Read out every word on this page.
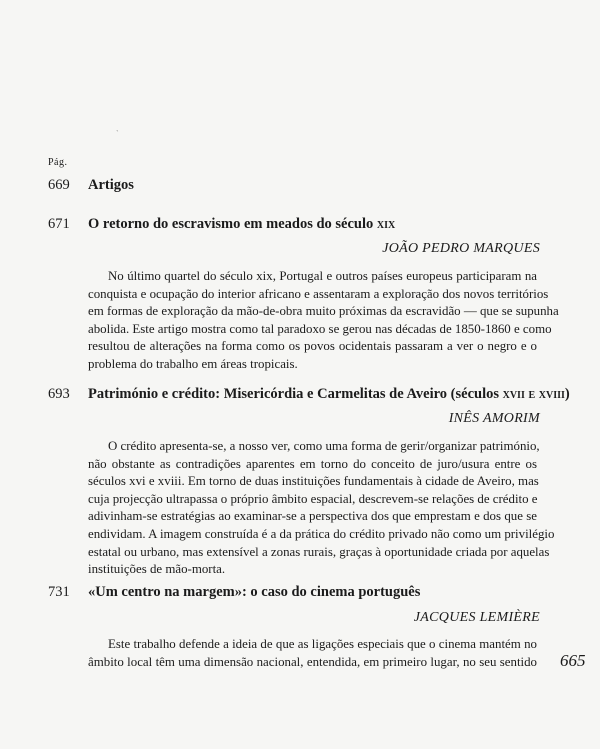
`
Pág.
669 Artigos
671 O retorno do escravismo em meados do século xix
JOÃO PEDRO MARQUES
No último quartel do século xix, Portugal e outros países europeus participaram na
conquista e ocupação do interior africano e assentaram a exploração dos novos territórios
em formas de exploração da mão-de-obra muito próximas da escravidão — que se supunha
abolida. Este artigo mostra como tal paradoxo se gerou nas décadas de 1850-1860 e como
resultou de alterações na forma como os povos ocidentais passaram a ver o negro e o
problema do trabalho em áreas tropicais.
693 Património e crédito: Misericórdia e Carmelitas de Aveiro (séculos xvii e xviii)
INÊS AMORIM
O crédito apresenta-se, a nosso ver, como uma forma de gerir/organizar património,
não obstante as contradições aparentes em torno do conceito de juro/usura entre os
séculos xvi e xviii. Em torno de duas instituições fundamentais à cidade de Aveiro, mas
cuja projecção ultrapassa o próprio âmbito espacial, descrevem-se relações de crédito e
adivinham-se estratégias ao examinar-se a perspectiva dos que emprestam e dos que se
endividam. A imagem construída é a da prática do crédito privado não como um privilégio
estatal ou urbano, mas extensível a zonas rurais, graças à oportunidade criada por aquelas
instituições de mão-morta.
731 «Um centro na margem»: o caso do cinema português
JACQUES LEMIÈRE
Este trabalho defende a ideia de que as ligações especiais que o cinema mantém no
âmbito local têm uma dimensão nacional, entendida, em primeiro lugar, no seu sentido 665
